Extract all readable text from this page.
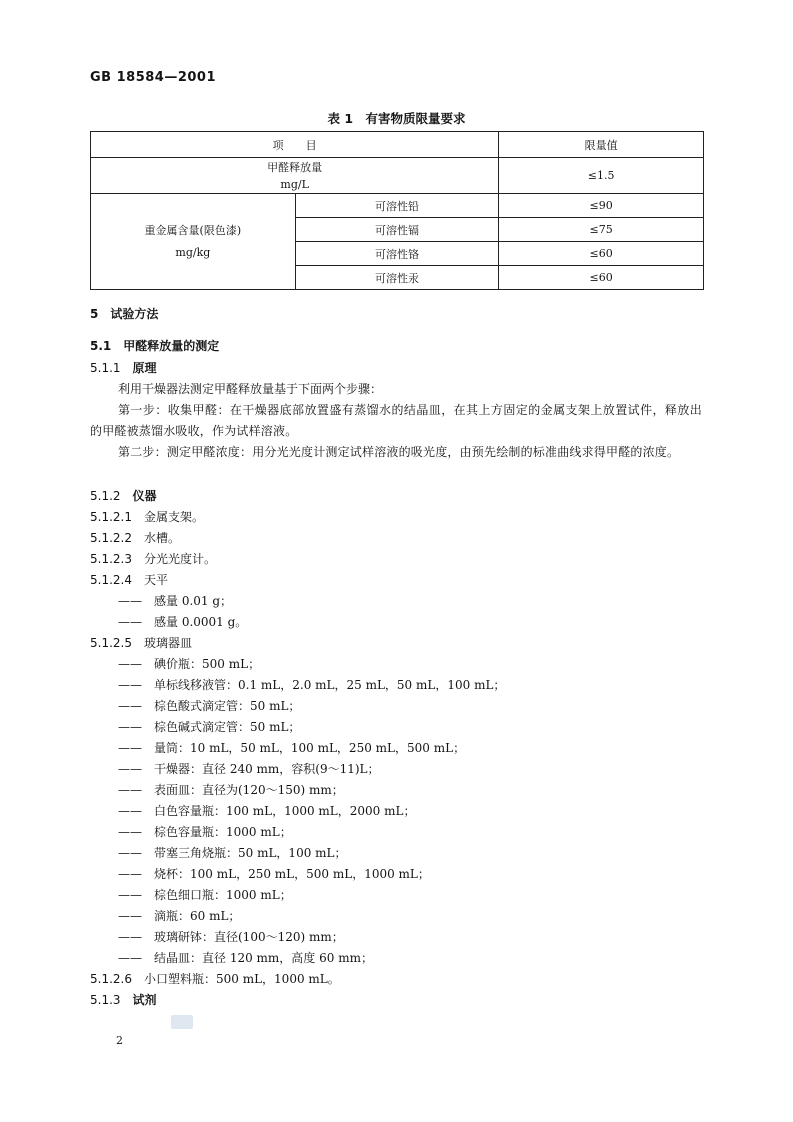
GB 18584—2001
表 1　有害物质限量要求
项　　目		限量值

甲醛释放量
mg/L		≤1.5

重金属含量(限色漆)
mg/kg	可溶性铅	≤90
	可溶性镉	≤75
	可溶性铬	≤60
	可溶性汞	≤60
5  试验方法
5.1  甲醛释放量的测定
5.1.1  原理
利用干燥器法测定甲醛释放量基于下面两个步骤：
第一步：收集甲醛：在干燥器底部放置盛有蒸馏水的结晶皿，在其上方固定的金属支架上放置试件，释放出的甲醛被蒸馏水吸收，作为试样溶液。
第二步：测定甲醛浓度：用分光光度计测定试样溶液的吸光度，由预先绘制的标准曲线求得甲醛的浓度。
5.1.2  仪器
5.1.2.1  金属支架。
5.1.2.2  水槽。
5.1.2.3  分光光度计。
5.1.2.4  天平
—— 感量 0.01 g；
—— 感量 0.0001 g。
5.1.2.5  玻璃器皿
—— 碘价瓶：500 mL；
—— 单标线移液管：0.1 mL，2.0 mL，25 mL，50 mL，100 mL；
—— 棕色酸式滴定管：50 mL；
—— 棕色碱式滴定管：50 mL；
—— 量筒：10 mL，50 mL，100 mL，250 mL，500 mL；
—— 干燥器：直径 240 mm，容积(9～11)L；
—— 表面皿：直径为(120～150) mm；
—— 白色容量瓶：100 mL，1000 mL，2000 mL；
—— 棕色容量瓶：1000 mL；
—— 带塞三角烧瓶：50 mL，100 mL；
—— 烧杯：100 mL，250 mL，500 mL，1000 mL；
—— 棕色细口瓶：1000 mL；
—— 滴瓶：60 mL；
—— 玻璃研钵：直径(100～120) mm；
—— 结晶皿：直径 120 mm，高度 60 mm；
5.1.2.6  小口塑料瓶：500 mL，1000 mL。
5.1.3  试剂
2
